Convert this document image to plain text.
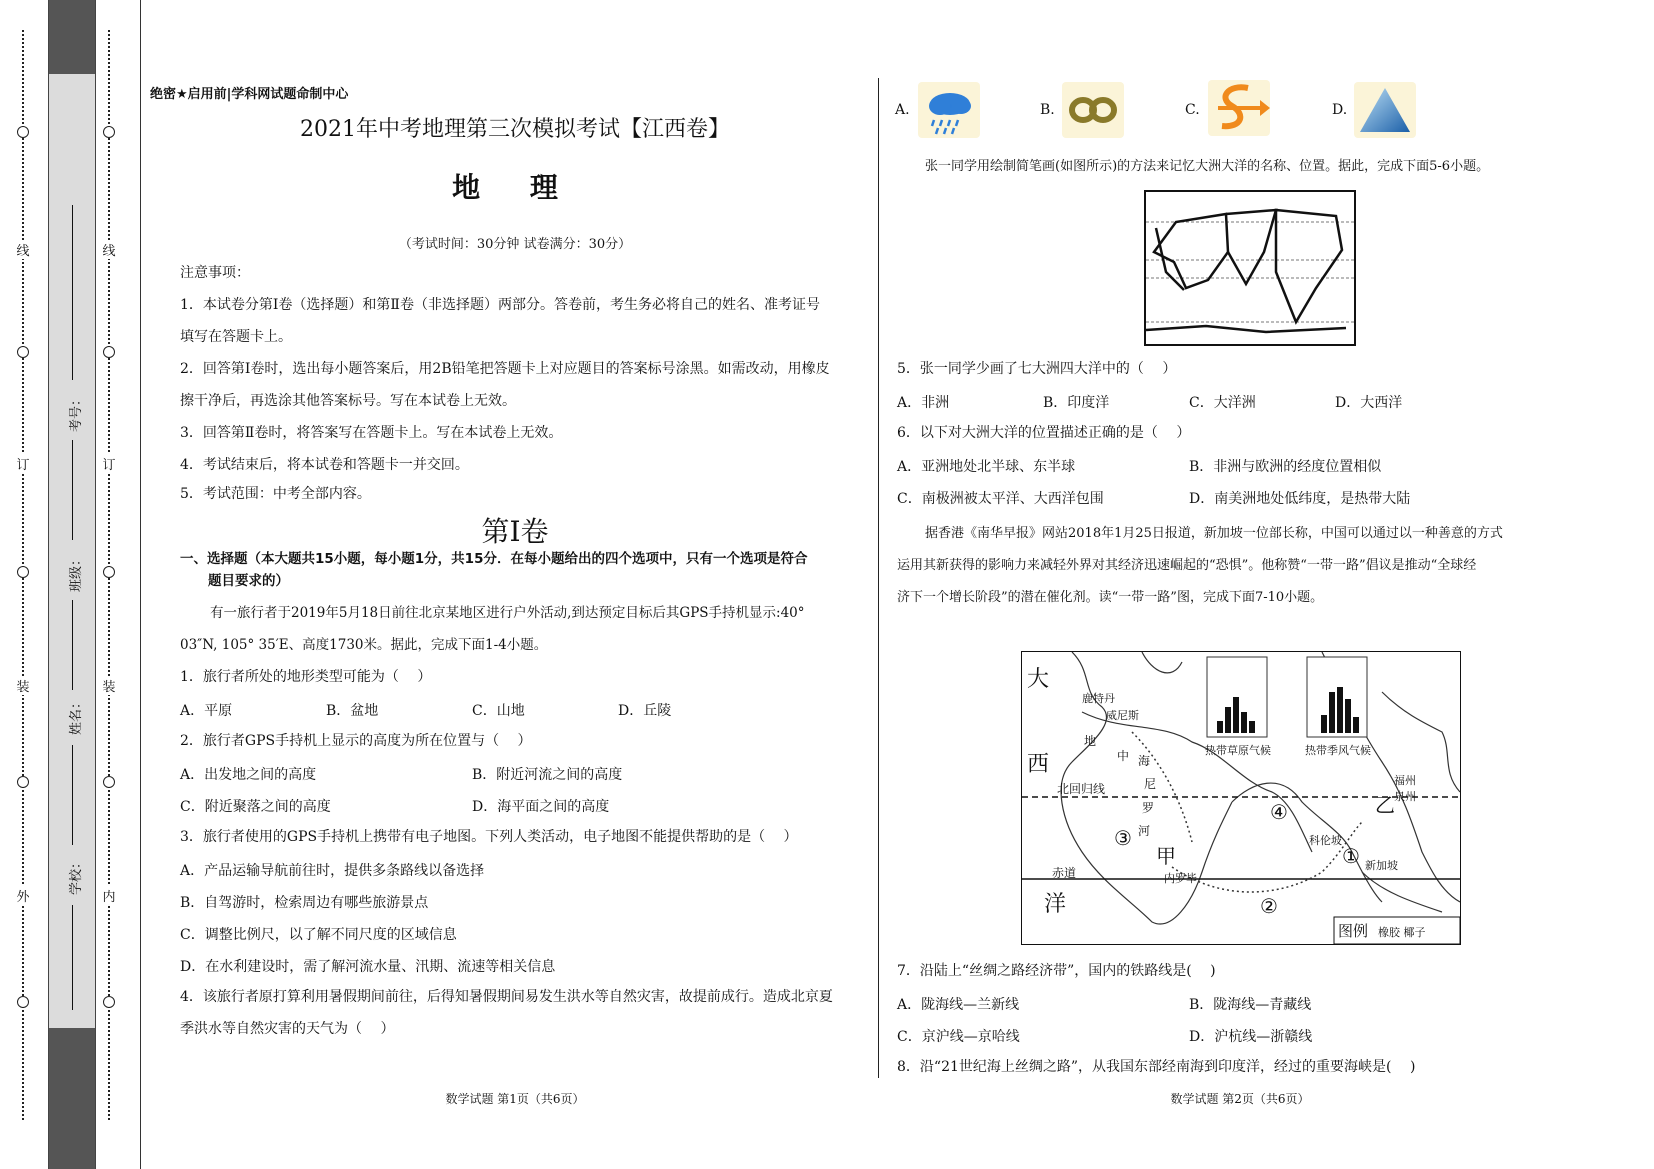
线
订
装
外
考号：
班级：
姓名：
学校：
线
订
装
内
绝密★启用前|学科网试题命制中心
2021年中考地理第三次模拟考试【江西卷】
地 理
（考试时间：30分钟 试卷满分：30分）
注意事项：
1．本试卷分第Ⅰ卷（选择题）和第Ⅱ卷（非选择题）两部分。答卷前，考生务必将自己的姓名、准考证号
填写在答题卡上。
2．回答第Ⅰ卷时，选出每小题答案后，用2B铅笔把答题卡上对应题目的答案标号涂黑。如需改动，用橡皮
擦干净后，再选涂其他答案标号。写在本试卷上无效。
3．回答第Ⅱ卷时，将答案写在答题卡上。写在本试卷上无效。
4．考试结束后，将本试卷和答题卡一并交回。
5．考试范围：中考全部内容。
第Ⅰ卷
一、选择题（本大题共15小题，每小题1分，共15分．在每小题给出的四个选项中，只有一个选项是符合
题目要求的）
有一旅行者于2019年5月18日前往北京某地区进行户外活动,到达预定目标后其GPS手持机显示:40°
03″N, 105° 35′E、高度1730米。据此，完成下面1-4小题。
1．旅行者所处的地形类型可能为（　 ）
A．平原	B．盆地	C．山地	D．丘陵
2．旅行者GPS手持机上显示的高度为所在位置与（　 ）
A．出发地之间的高度	B．附近河流之间的高度
C．附近聚落之间的高度	D．海平面之间的高度
3．旅行者使用的GPS手持机上携带有电子地图。下列人类活动，电子地图不能提供帮助的是（　 ）
A．产品运输导航前往时，提供多条路线以备选择
B．自驾游时，检索周边有哪些旅游景点
C．调整比例尺，以了解不同尺度的区域信息
D．在水利建设时，需了解河流水量、汛期、流速等相关信息
4．该旅行者原打算利用暑假期间前往，后得知暑假期间易发生洪水等自然灾害，故提前成行。造成北京夏
季洪水等自然灾害的天气为（　 ）
数学试题 第1页（共6页）
A.	B.	C.	D.
张一同学用绘制简笔画(如图所示)的方法来记忆大洲大洋的名称、位置。据此，完成下面5-6小题。
5．张一同学少画了七大洲四大洋中的（　 ）
A．非洲	B．印度洋	C．大洋洲	D．大西洋
6．以下对大洲大洋的位置描述正确的是（　 ）
A．亚洲地处北半球、东半球	B．非洲与欧洲的经度位置相似
C．南极洲被太平洋、大西洋包围	D．南美洲地处低纬度，是热带大陆
据香港《南华早报》网站2018年1月25日报道，新加坡一位部长称，中国可以通过以一种善意的方式
运用其新获得的影响力来减轻外界对其经济迅速崛起的“恐惧”。他称赞“一带一路”倡议是推动“全球经
济下一个增长阶段”的潜在催化剂。读“一带一路”图，完成下面7-10小题。
大
西
洋
北回归线
赤道
地
中 海
尼
罗
河
甲
乙
威尼斯
鹿特丹
内罗毕
新加坡
科伦坡
泉州
福州
③
④
②
①
热带草原气候	热带季风气候
图例 橡胶 椰子
7．沿陆上“丝绸之路经济带”，国内的铁路线是(　 )
A．陇海线—兰新线	B．陇海线—青藏线
C．京沪线—京哈线	D．沪杭线—浙赣线
8．沿“21世纪海上丝绸之路”，从我国东部经南海到印度洋，经过的重要海峡是(　 )
数学试题 第2页（共6页）
